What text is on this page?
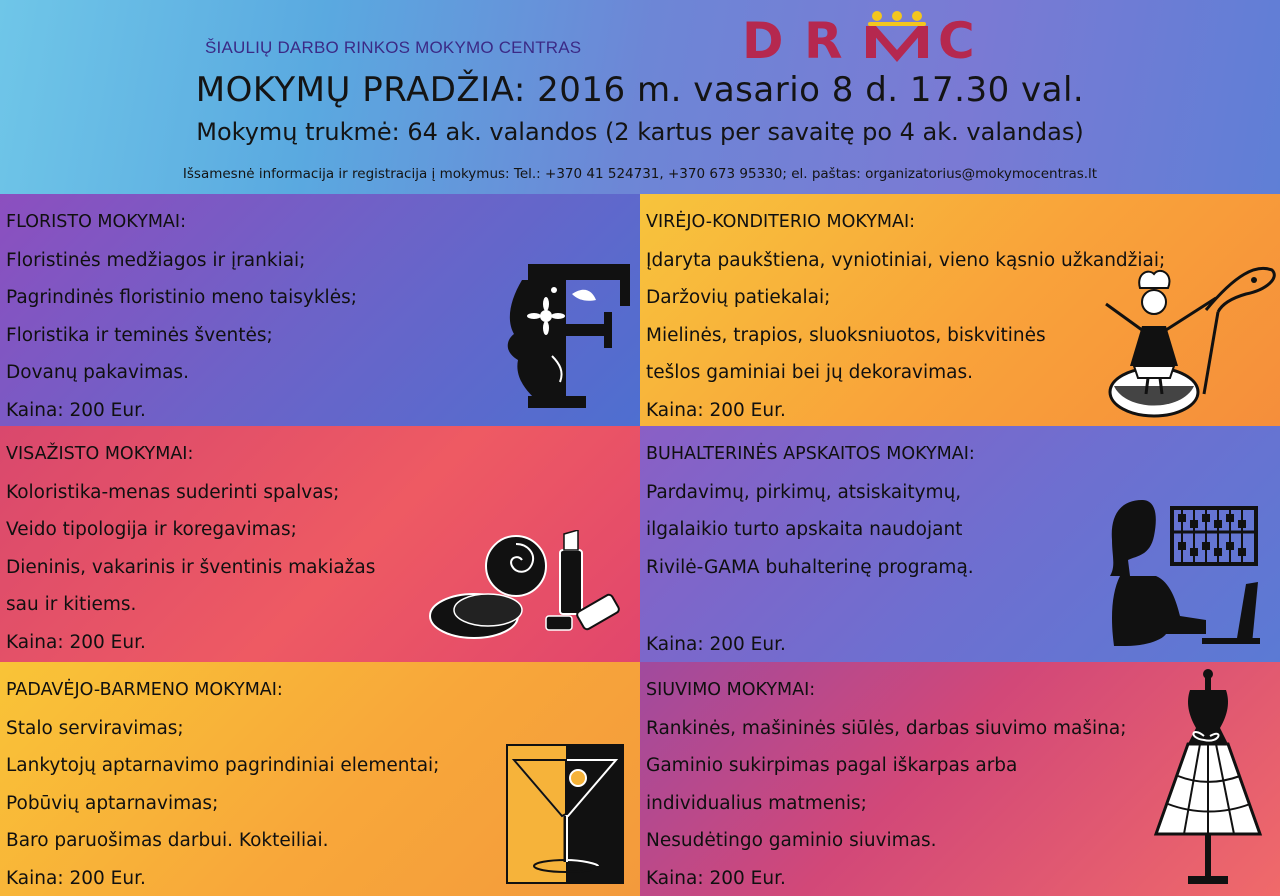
ŠIAULIŲ DARBO RINKOS MOKYMO CENTRAS	D R C
MOKYMŲ PRADŽIA: 2016 m. vasario 8 d. 17.30 val.
Mokymų trukmė: 64 ak. valandos (2 kartus per savaitę po 4 ak. valandas)
Išsamesnė informacija ir registracija į mokymus: Tel.: +370 41 524731, +370 673 95330; el. paštas: organizatorius@mokymocentras.lt
FLORISTO MOKYMAI:
Floristinės medžiagos ir įrankiai;
Pagrindinės floristinio meno taisyklės;
Floristika ir teminės šventės;
Dovanų pakavimas.
Kaina: 200 Eur.
VIRĖJO-KONDITERIO MOKYMAI:
Įdaryta paukštiena, vyniotiniai, vieno kąsnio užkandžiai;
Daržovių patiekalai;
Mielinės, trapios, sluoksniuotos, biskvitinės
tešlos gaminiai bei jų dekoravimas.
Kaina: 200 Eur.
VISAŽISTO MOKYMAI:
Koloristika-menas suderinti spalvas;
Veido tipologija ir koregavimas;
Dieninis, vakarinis ir šventinis makiažas
sau ir kitiems.
Kaina: 200 Eur.
BUHALTERINĖS APSKAITOS MOKYMAI:
Pardavimų, pirkimų, atsiskaitymų,
ilgalaikio turto apskaita naudojant
Rivilė-GAMA buhalterinę programą.
Kaina: 200 Eur.
PADAVĖJO-BARMENO MOKYMAI:
Stalo serviravimas;
Lankytojų aptarnavimo pagrindiniai elementai;
Pobūvių aptarnavimas;
Baro paruošimas darbui. Kokteiliai.
Kaina: 200 Eur.
SIUVIMO MOKYMAI:
Rankinės, mašininės siūlės, darbas siuvimo mašina;
Gaminio sukirpimas pagal iškarpas arba
individualius matmenis;
Nesudėtingo gaminio siuvimas.
Kaina: 200 Eur.
